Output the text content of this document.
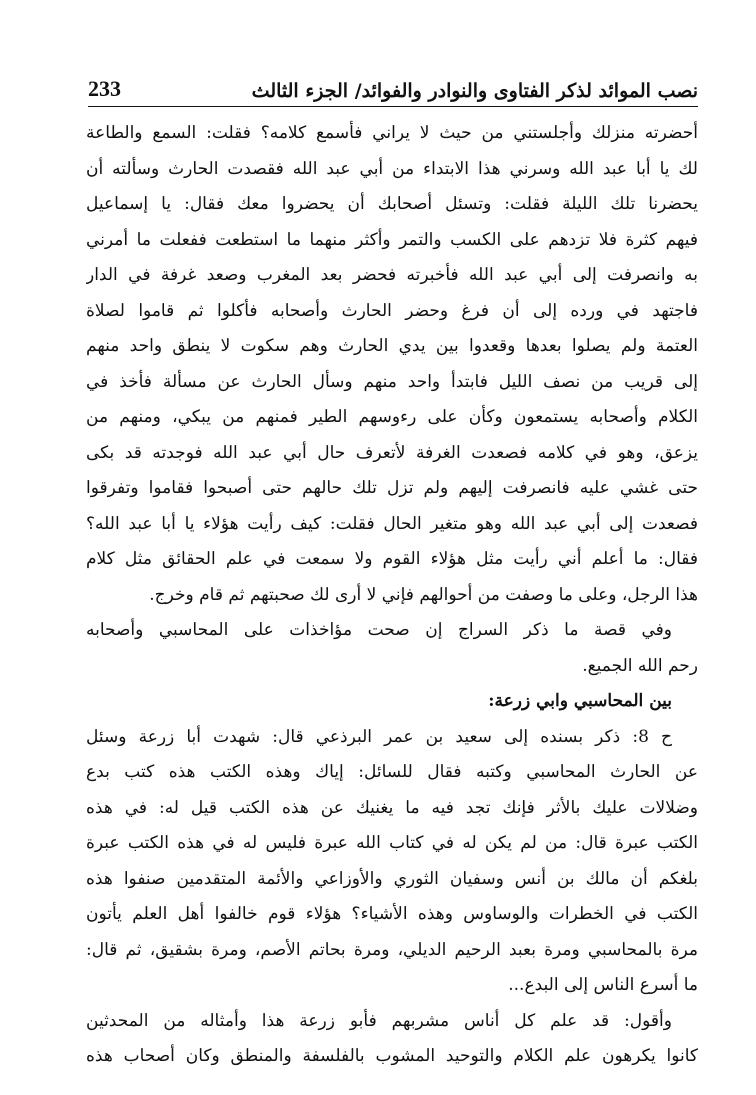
نصب الموائد لذكر الفتاوى والنوادر والفوائد/ الجزء الثالث
233
أحضرته منزلك وأجلستني من حيث لا يراني فأسمع كلامه؟ فقلت: السمع والطاعة
لك يا أبا عبد الله وسرني هذا الابتداء من أبي عبد الله فقصدت الحارث وسألته أن
يحضرنا تلك الليلة فقلت: وتسئل أصحابك أن يحضروا معك فقال: يا إسماعيل
فيهم كثرة فلا تزدهم على الكسب والتمر وأكثر منهما ما استطعت ففعلت ما أمرني
به وانصرفت إلى أبي عبد الله فأخبرته فحضر بعد المغرب وصعد غرفة في الدار
فاجتهد في ورده إلى أن فرغ وحضر الحارث وأصحابه فأكلوا ثم قاموا لصلاة
العتمة ولم يصلوا بعدها وقعدوا بين يدي الحارث وهم سكوت لا ينطق واحد منهم
إلى قريب من نصف الليل فابتدأ واحد منهم وسأل الحارث عن مسألة فأخذ في
الكلام وأصحابه يستمعون وكأن على رءوسهم الطير فمنهم من يبكي، ومنهم من
يزعق، وهو في كلامه فصعدت الغرفة لأتعرف حال أبي عبد الله فوجدته قد بكى
حتى غشي عليه فانصرفت إليهم ولم تزل تلك حالهم حتى أصبحوا فقاموا وتفرقوا
فصعدت إلى أبي عبد الله وهو متغير الحال فقلت: كيف رأيت هؤلاء يا أبا عبد الله؟
فقال: ما أعلم أني رأيت مثل هؤلاء القوم ولا سمعت في علم الحقائق مثل كلام
هذا الرجل، وعلى ما وصفت من أحوالهم فإني لا أرى لك صحبتهم ثم قام وخرج.
وفي قصة ما ذكر السراج إن صحت مؤاخذات على المحاسبي وأصحابه
رحم الله الجميع.
بين المحاسبي وابي زرعة:
ح 8: ذكر بسنده إلى سعيد بن عمر البرذعي قال: شهدت أبا زرعة وسئل
عن الحارث المحاسبي وكتبه فقال للسائل: إياك وهذه الكتب هذه كتب بدع
وضلالات عليك بالأثر فإنك تجد فيه ما يغنيك عن هذه الكتب قيل له: في هذه
الكتب عبرة قال: من لم يكن له في كتاب الله عبرة فليس له في هذه الكتب عبرة
بلغكم أن مالك بن أنس وسفيان الثوري والأوزاعي والأئمة المتقدمين صنفوا هذه
الكتب في الخطرات والوساوس وهذه الأشياء؟ هؤلاء قوم خالفوا أهل العلم يأتون
مرة بالمحاسبي ومرة بعبد الرحيم الديلي، ومرة بحاتم الأصم، ومرة بشقيق، ثم قال:
ما أسرع الناس إلى البدع...
وأقول: قد علم كل أناس مشربهم فأبو زرعة هذا وأمثاله من المحدثين
كانوا يكرهون علم الكلام والتوحيد المشوب بالفلسفة والمنطق وكان أصحاب هذه
